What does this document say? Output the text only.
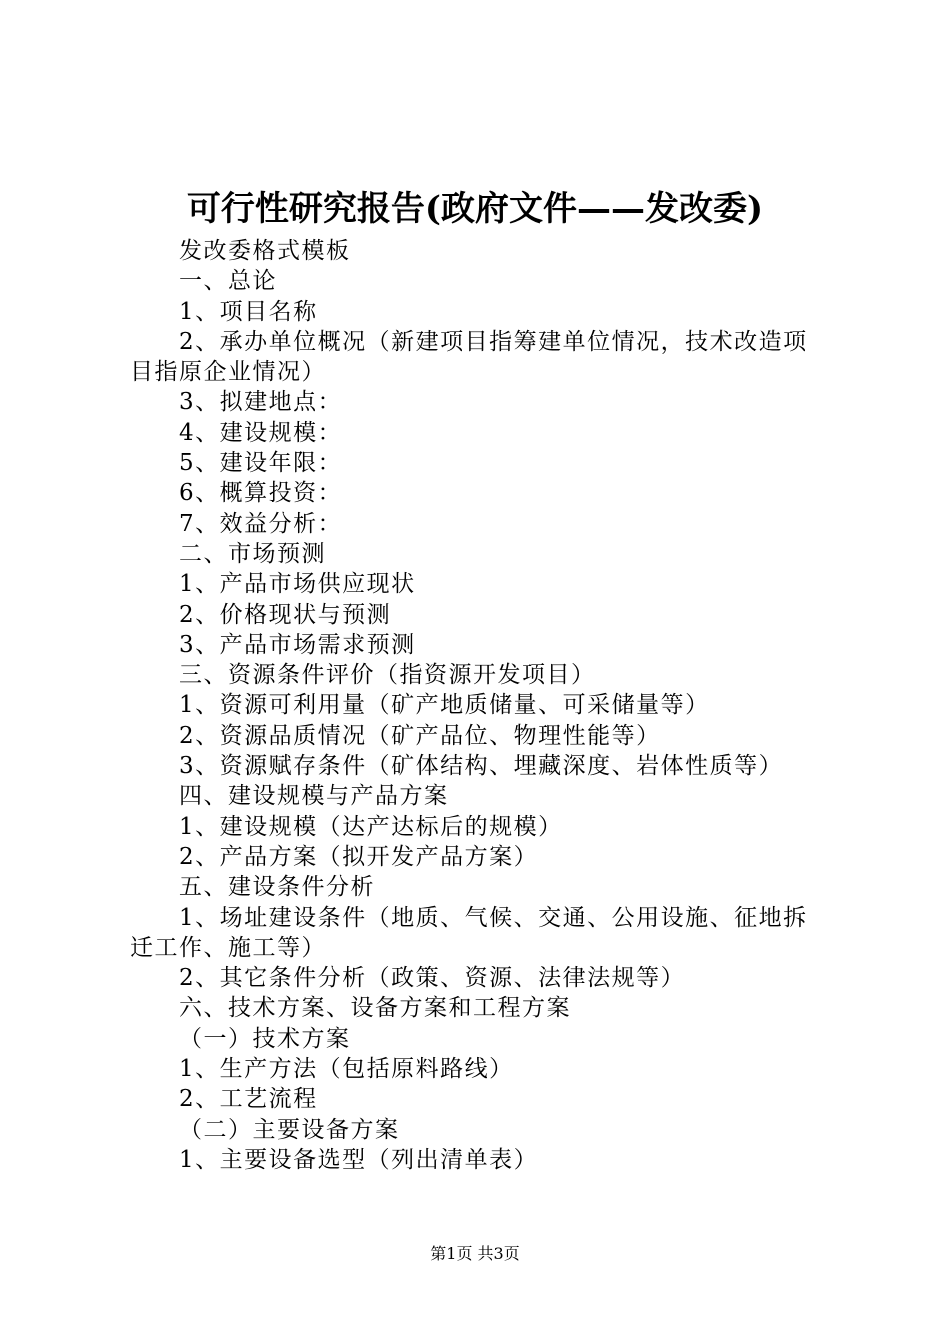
可行性研究报告(政府文件——发改委)

发改委格式模板

一、总论

1、项目名称

2、承办单位概况（新建项目指筹建单位情况，技术改造项目指原企业情况）

3、拟建地点：

4、建设规模：

5、建设年限：

6、概算投资：

7、效益分析：

二、市场预测

1、产品市场供应现状

2、价格现状与预测

3、产品市场需求预测

三、资源条件评价（指资源开发项目）

1、资源可利用量（矿产地质储量、可采储量等）

2、资源品质情况（矿产品位、物理性能等）

3、资源赋存条件（矿体结构、埋藏深度、岩体性质等）

四、建设规模与产品方案

1、建设规模（达产达标后的规模）

2、产品方案（拟开发产品方案）

五、建设条件分析

1、场址建设条件（地质、气候、交通、公用设施、征地拆迁工作、施工等）

2、其它条件分析（政策、资源、法律法规等）

六、技术方案、设备方案和工程方案

（一）技术方案

1、生产方法（包括原料路线）

2、工艺流程

（二）主要设备方案

1、主要设备选型（列出清单表）

第1页 共3页
